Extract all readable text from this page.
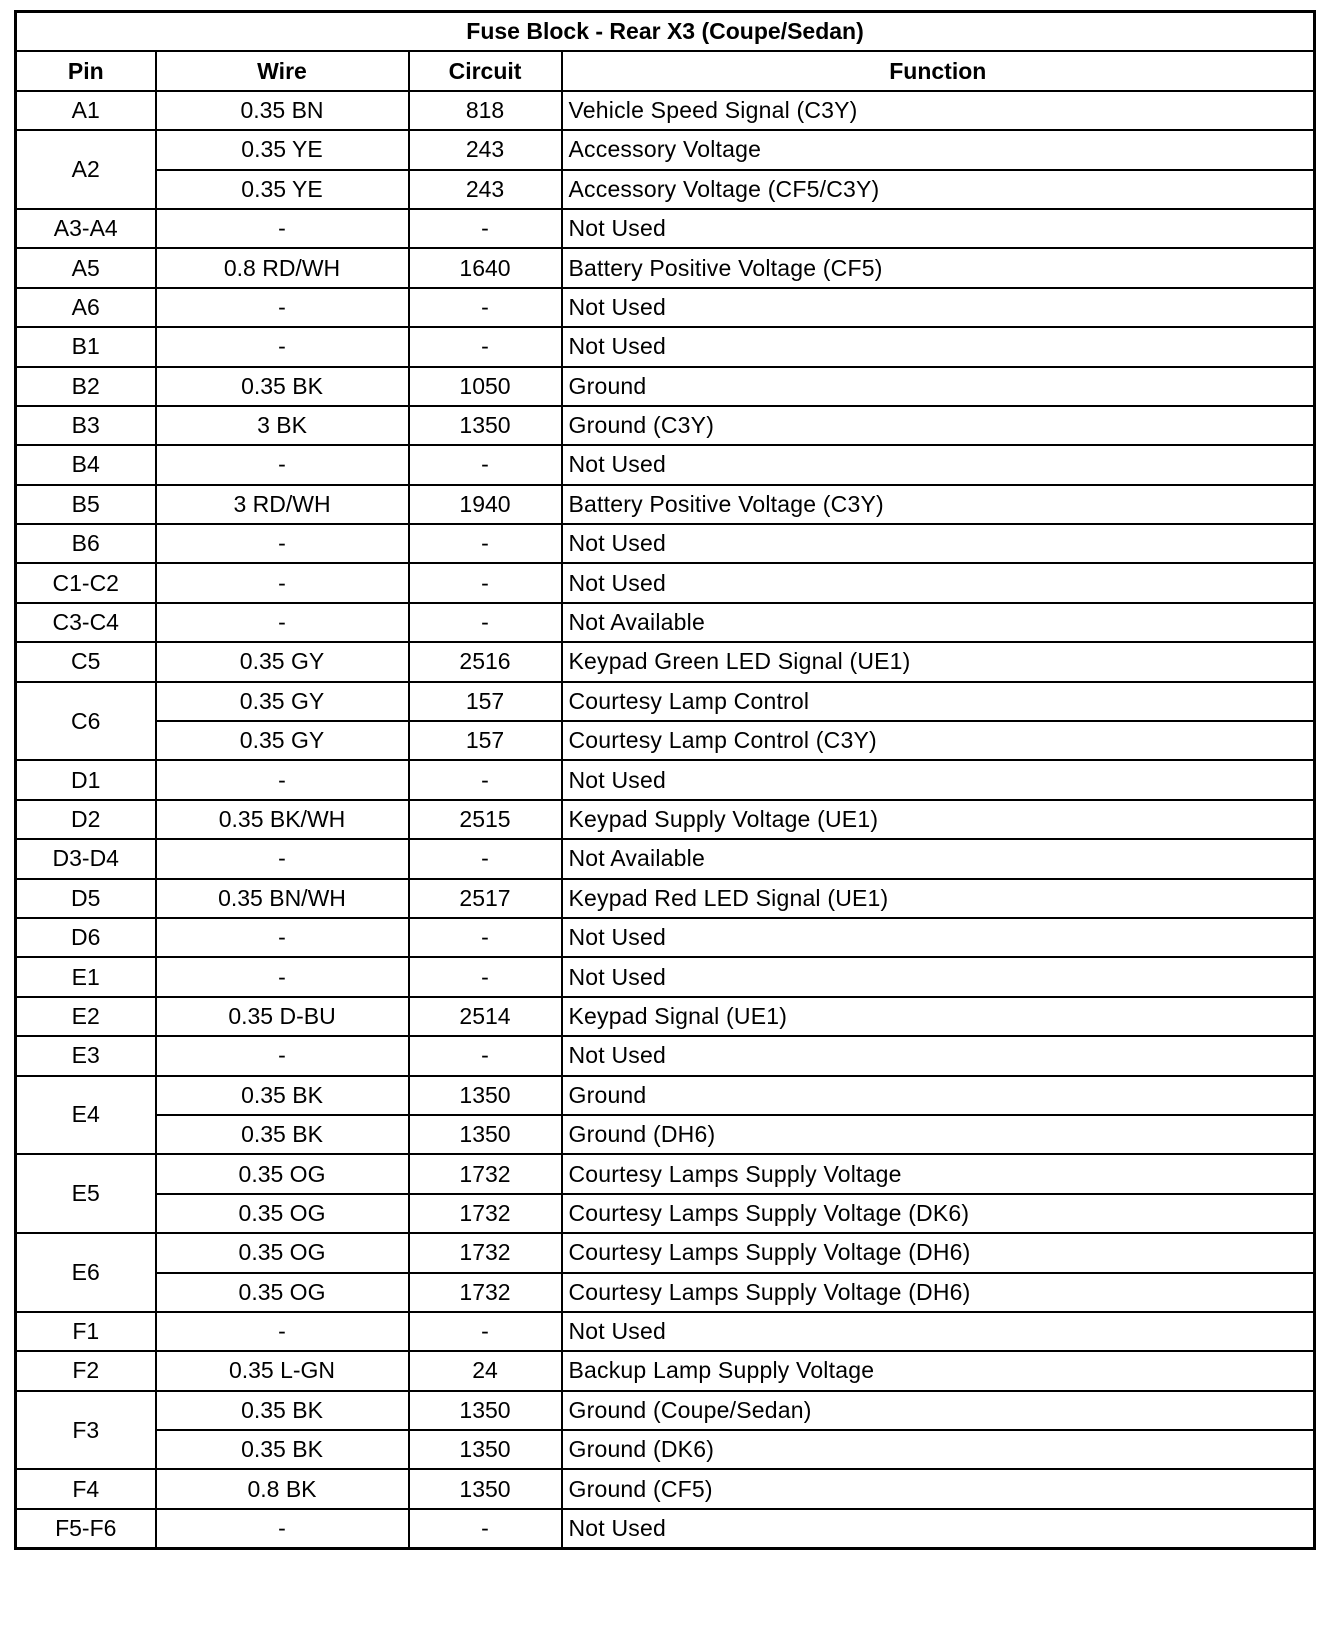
Fuse Block - Rear X3 (Coupe/Sedan)			
Pin	Wire	Circuit	Function
A1	0.35 BN	818	Vehicle Speed Signal (C3Y)
A2	0.35 YE	243	Accessory Voltage
	0.35 YE	243	Accessory Voltage (CF5/C3Y)
A3-A4	-	-	Not Used
A5	0.8 RD/WH	1640	Battery Positive Voltage (CF5)
A6	-	-	Not Used
B1	-	-	Not Used
B2	0.35 BK	1050	Ground
B3	3 BK	1350	Ground (C3Y)
B4	-	-	Not Used
B5	3 RD/WH	1940	Battery Positive Voltage (C3Y)
B6	-	-	Not Used
C1-C2	-	-	Not Used
C3-C4	-	-	Not Available
C5	0.35 GY	2516	Keypad Green LED Signal (UE1)
C6	0.35 GY	157	Courtesy Lamp Control
	0.35 GY	157	Courtesy Lamp Control (C3Y)
D1	-	-	Not Used
D2	0.35 BK/WH	2515	Keypad Supply Voltage (UE1)
D3-D4	-	-	Not Available
D5	0.35 BN/WH	2517	Keypad Red LED Signal (UE1)
D6	-	-	Not Used
E1	-	-	Not Used
E2	0.35 D-BU	2514	Keypad Signal (UE1)
E3	-	-	Not Used
E4	0.35 BK	1350	Ground
	0.35 BK	1350	Ground (DH6)
E5	0.35 OG	1732	Courtesy Lamps Supply Voltage
	0.35 OG	1732	Courtesy Lamps Supply Voltage (DK6)
E6	0.35 OG	1732	Courtesy Lamps Supply Voltage (DH6)
	0.35 OG	1732	Courtesy Lamps Supply Voltage (DH6)
F1	-	-	Not Used
F2	0.35 L-GN	24	Backup Lamp Supply Voltage
F3	0.35 BK	1350	Ground (Coupe/Sedan)
	0.35 BK	1350	Ground (DK6)
F4	0.8 BK	1350	Ground (CF5)
F5-F6	-	-	Not Used
